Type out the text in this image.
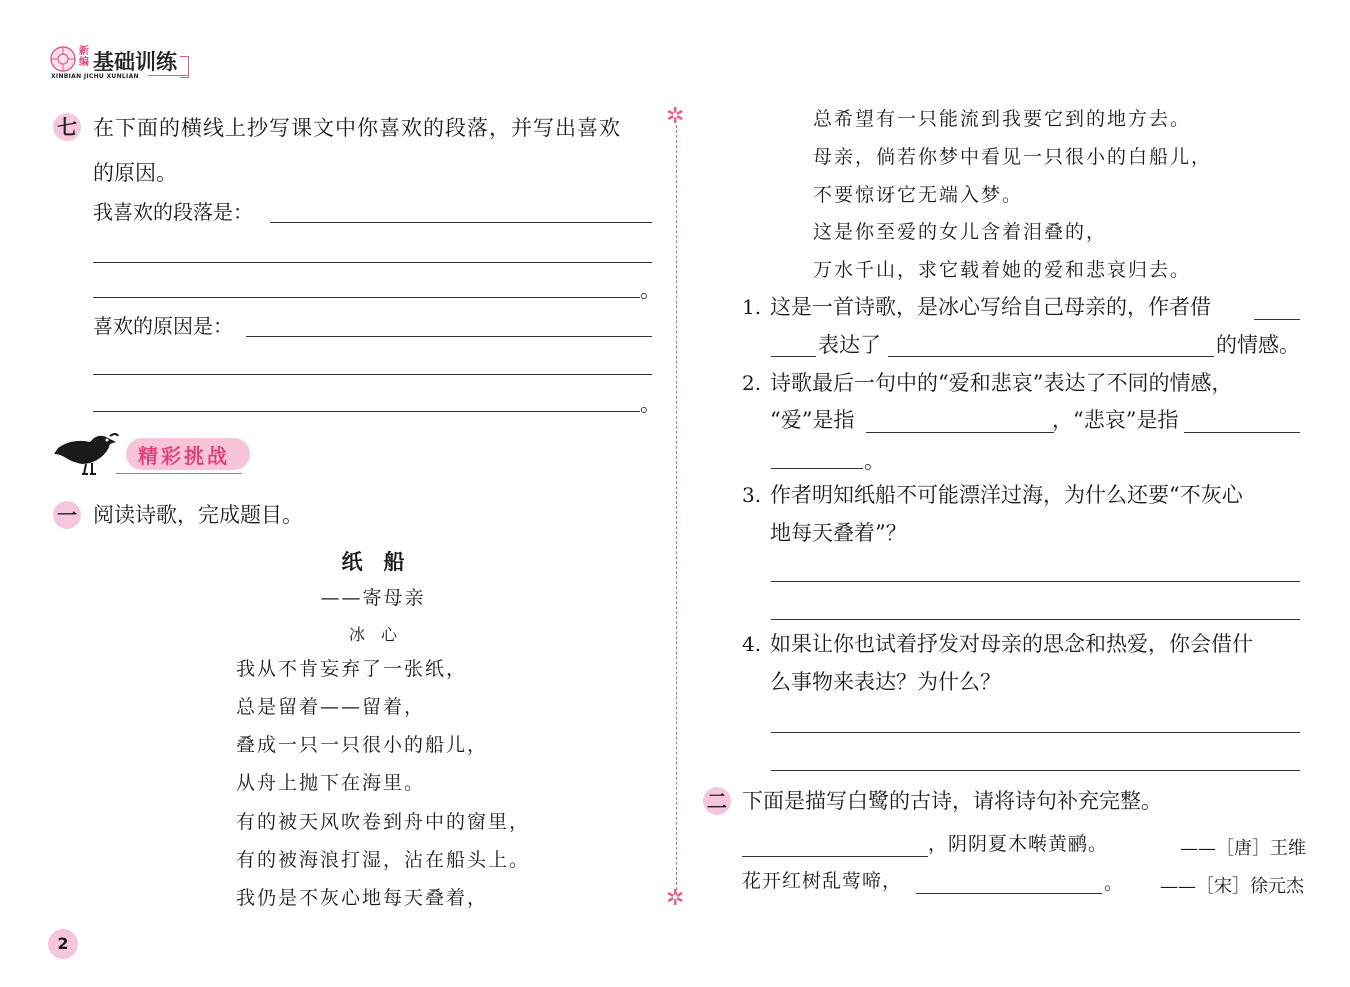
新编 基础训练
XINBIAN JICHU XUNLIAN
✲
✲
七 在下面的横线上抄写课文中你喜欢的段落，并写出喜欢
的原因。
我喜欢的段落是：
。
喜欢的原因是：
。
精彩挑战
一 阅读诗歌，完成题目。
纸　船
——寄母亲
冰　心
我从不肯妄弃了一张纸，
总是留着——留着，
叠成一只一只很小的船儿，
从舟上抛下在海里。
有的被天风吹卷到舟中的窗里，
有的被海浪打湿，沾在船头上。
我仍是不灰心地每天叠着，
2
总希望有一只能流到我要它到的地方去。
母亲，倘若你梦中看见一只很小的白船儿，
不要惊讶它无端入梦。
这是你至爱的女儿含着泪叠的，
万水千山，求它载着她的爱和悲哀归去。
1. 这是一首诗歌，是冰心写给自己母亲的，作者借
表达了	的情感。
2. 诗歌最后一句中的“爱和悲哀”表达了不同的情感，
“爱”是指	，“悲哀”是指
。
3. 作者明知纸船不可能漂洋过海，为什么还要“不灰心
地每天叠着”？
4. 如果让你也试着抒发对母亲的思念和热爱，你会借什
么事物来表达？为什么？
二 下面是描写白鹭的古诗，请将诗句补充完整。
，阴阴夏木啭黄鹂。	——［唐］王维
花开红树乱莺啼，	。 ——［宋］徐元杰
